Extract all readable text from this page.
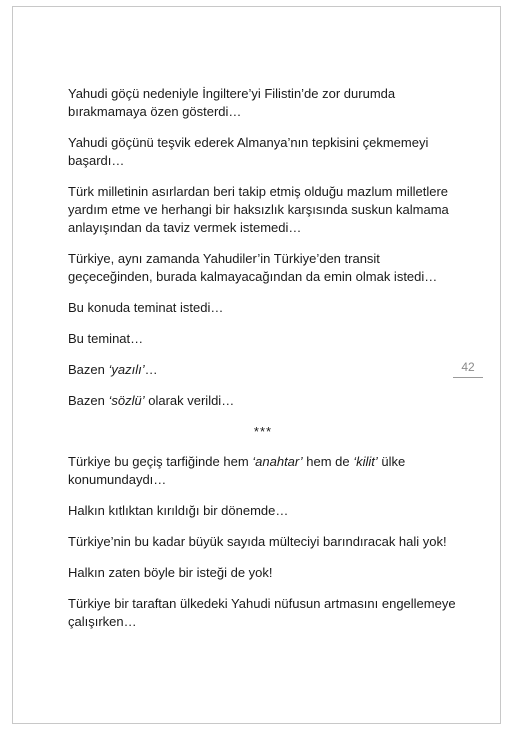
Yahudi göçü nedeniyle İngiltere’yi Filistin’de zor durumda bırakmamaya özen gösterdi…

Yahudi göçünü teşvik ederek Almanya’nın tepkisini çekmemeyi başardı…

Türk milletinin asırlardan beri takip etmiş olduğu mazlum milletlere yardım etme ve herhangi bir haksızlık karşısında suskun kalmama anlayışından da taviz vermek istemedi…

Türkiye, aynı zamanda Yahudiler’in Türkiye’den transit geçeceğinden, burada kalmayacağından da emin olmak istedi…

Bu konuda teminat istedi…

Bu teminat…

Bazen ‘yazılı’…

Bazen ‘sözlü’ olarak verildi…

***

Türkiye bu geçiş tarfiğinde hem ‘anahtar’ hem de ‘kilit’ ülke konumundaydı…

Halkın kıtlıktan kırıldığı bir dönemde…

Türkiye’nin bu kadar büyük sayıda mülteciyi barındıracak hali yok!

Halkın zaten böyle bir isteği de yok!

Türkiye bir taraftan ülkedeki Yahudi nüfusun artmasını engellemeye çalışırken…

42
